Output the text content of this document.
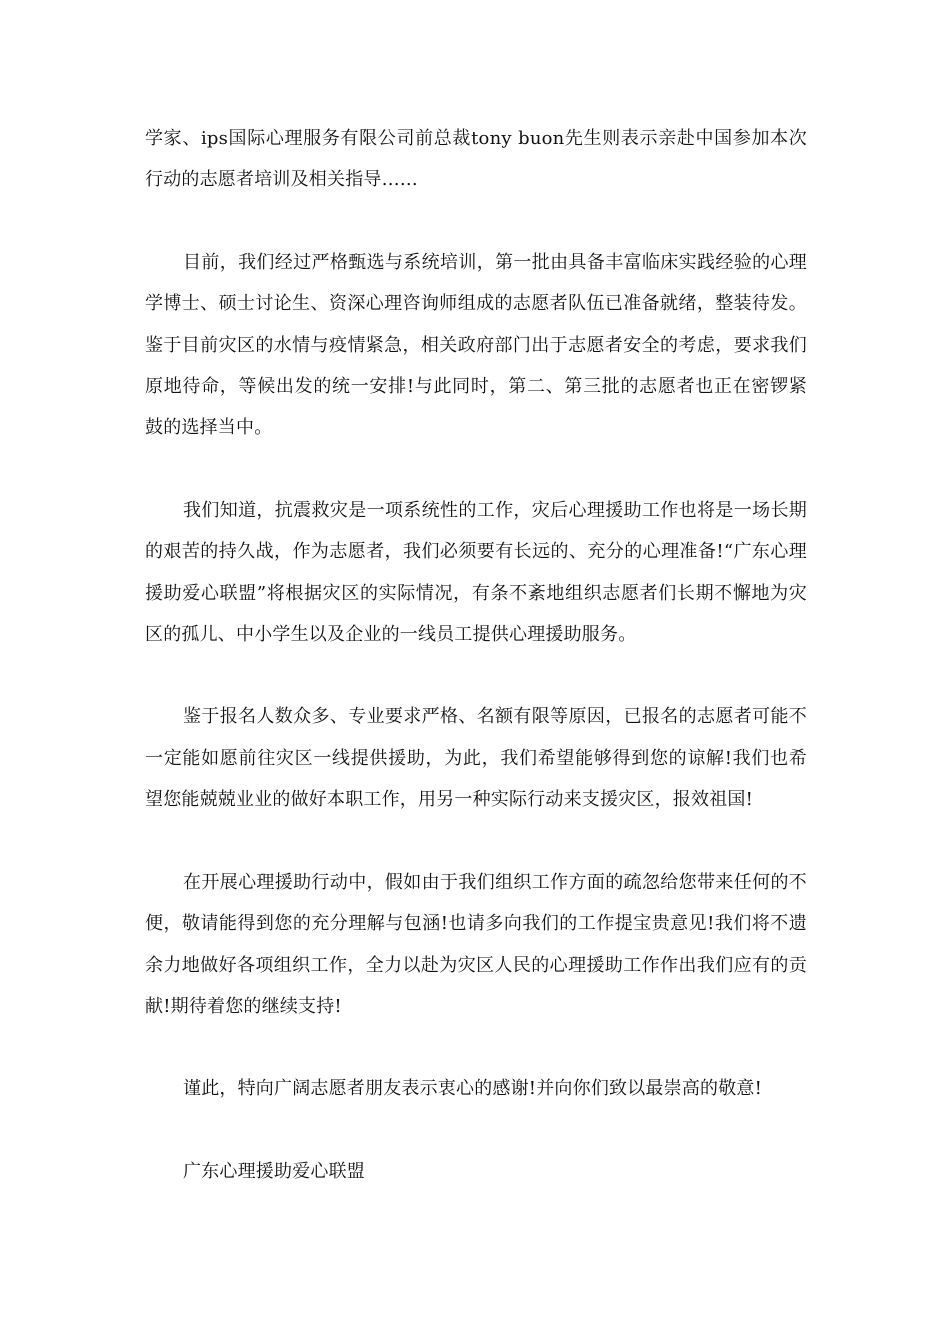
学家、ips国际心理服务有限公司前总裁tony buon先生则表示亲赴中国参加本次行动的志愿者培训及相关指导……

目前，我们经过严格甄选与系统培训，第一批由具备丰富临床实践经验的心理学博士、硕士讨论生、资深心理咨询师组成的志愿者队伍已准备就绪，整装待发。鉴于目前灾区的水情与疫情紧急，相关政府部门出于志愿者安全的考虑，要求我们原地待命，等候出发的统一安排!与此同时，第二、第三批的志愿者也正在密锣紧鼓的选择当中。

我们知道，抗震救灾是一项系统性的工作，灾后心理援助工作也将是一场长期的艰苦的持久战，作为志愿者，我们必须要有长远的、充分的心理准备!“广东心理援助爱心联盟”将根据灾区的实际情况，有条不紊地组织志愿者们长期不懈地为灾区的孤儿、中小学生以及企业的一线员工提供心理援助服务。

鉴于报名人数众多、专业要求严格、名额有限等原因，已报名的志愿者可能不一定能如愿前往灾区一线提供援助，为此，我们希望能够得到您的谅解!我们也希望您能兢兢业业的做好本职工作，用另一种实际行动来支援灾区，报效祖国!

在开展心理援助行动中，假如由于我们组织工作方面的疏忽给您带来任何的不便，敬请能得到您的充分理解与包涵!也请多向我们的工作提宝贵意见!我们将不遗余力地做好各项组织工作，全力以赴为灾区人民的心理援助工作作出我们应有的贡献!期待着您的继续支持!

谨此，特向广阔志愿者朋友表示衷心的感谢!并向你们致以最崇高的敬意!

广东心理援助爱心联盟
